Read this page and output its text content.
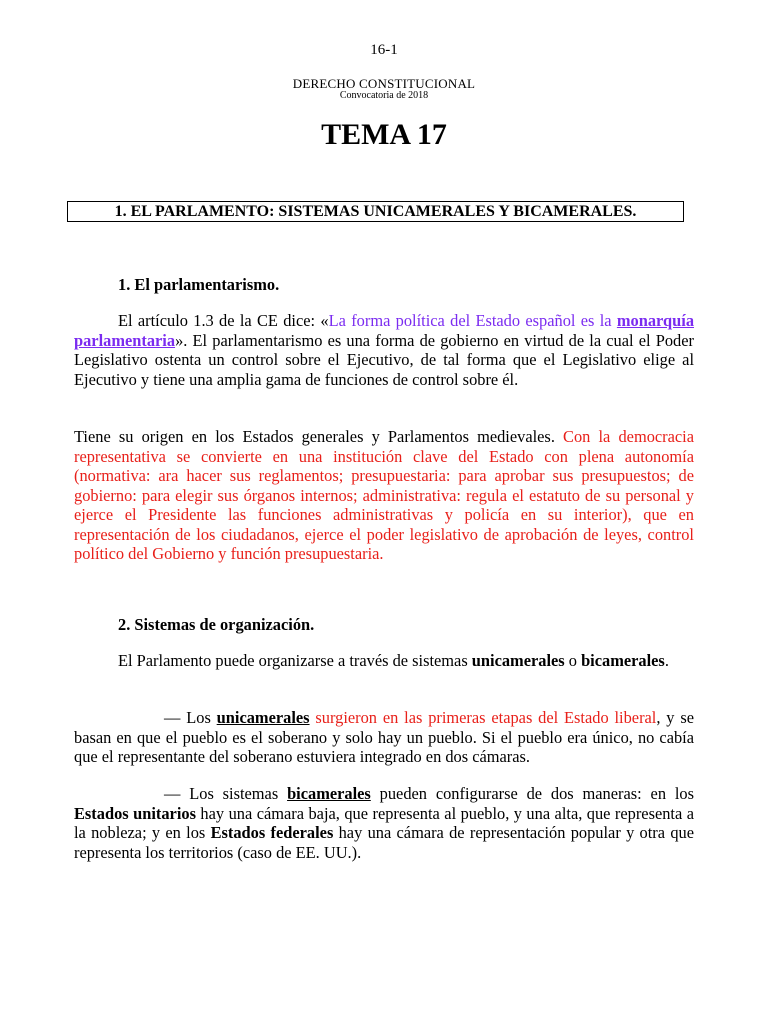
16-1
DERECHO CONSTITUCIONAL
Convocatoria de 2018
TEMA 17
1. EL PARLAMENTO: SISTEMAS UNICAMERALES Y BICAMERALES.

1. El parlamentarismo.

El artículo 1.3 de la CE dice: «La forma política del Estado español es la monarquía parlamentaria». El parlamentarismo es una forma de gobierno en virtud de la cual el Poder Legislativo ostenta un control sobre el Ejecutivo, de tal forma que el Legislativo elige al Ejecutivo y tiene una amplia gama de funciones de control sobre él.

Tiene su origen en los Estados generales y Parlamentos medievales. Con la democracia representativa se convierte en una institución clave del Estado con plena autonomía (normativa: ara hacer sus reglamentos; presupuestaria: para aprobar sus presupuestos; de gobierno: para elegir sus órganos internos; administrativa: regula el estatuto de su personal y ejerce el Presidente las funciones administrativas y policía en su interior), que en representación de los ciudadanos, ejerce el poder legislativo de aprobación de leyes, control político del Gobierno y función presupuestaria.

2. Sistemas de organización.

El Parlamento puede organizarse a través de sistemas unicamerales o bicamerales.

— Los unicamerales surgieron en las primeras etapas del Estado liberal, y se basan en que el pueblo es el soberano y solo hay un pueblo. Si el pueblo era único, no cabía que el representante del soberano estuviera integrado en dos cámaras.

— Los sistemas bicamerales pueden configurarse de dos maneras: en los Estados unitarios hay una cámara baja, que representa al pueblo, y una alta, que representa a la nobleza; y en los Estados federales hay una cámara de representación popular y otra que representa los territorios (caso de EE. UU.).
